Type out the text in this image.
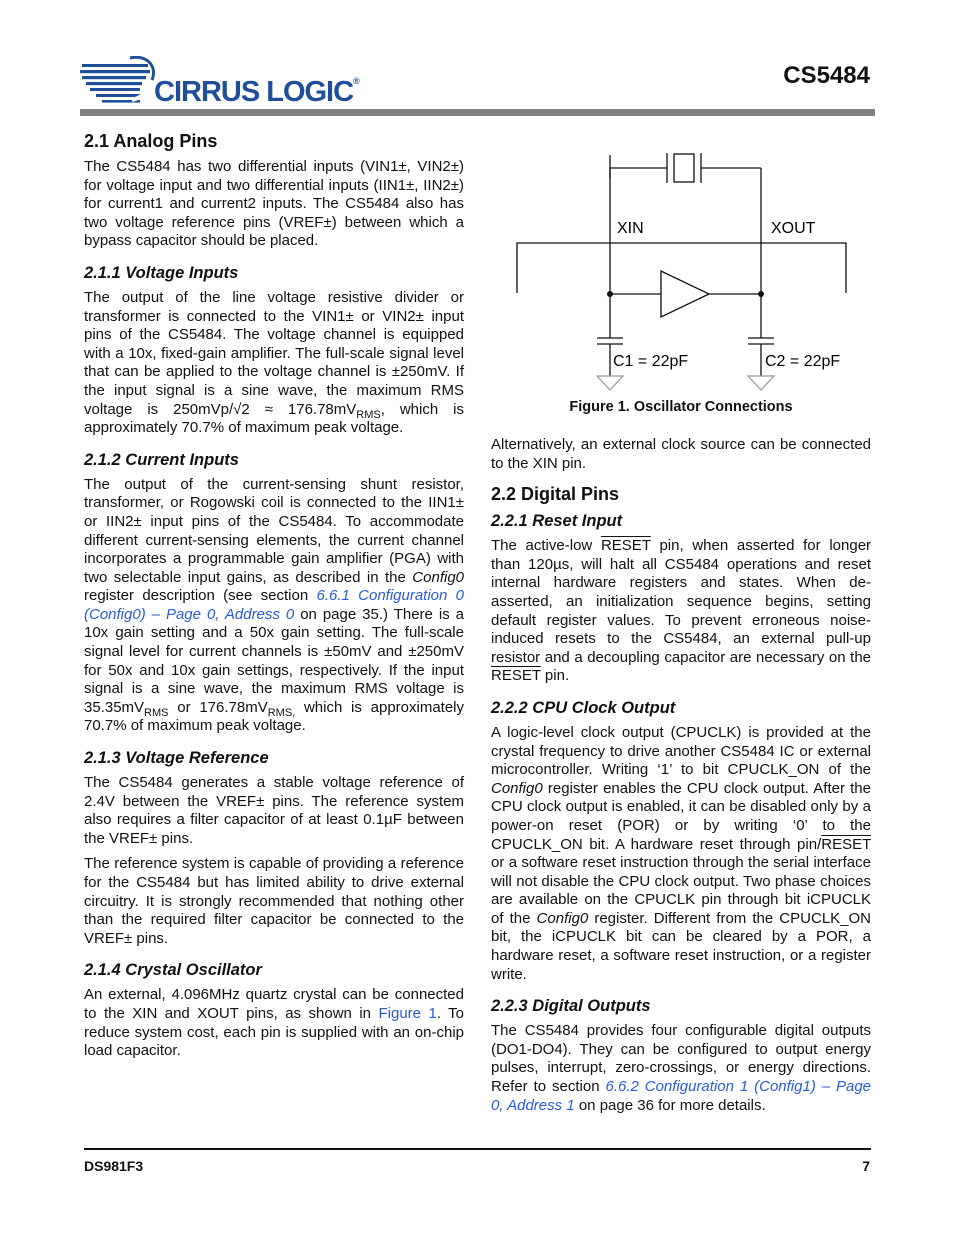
CIRRUS LOGIC®	CS5484
2.1 Analog Pins

The CS5484 has two differential inputs (VIN1±, VIN2±) for voltage input and two differential inputs (IIN1±, IIN2±) for current1 and current2 inputs. The CS5484 also has two voltage reference pins (VREF±) between which a bypass capacitor should be placed.

2.1.1 Voltage Inputs

The output of the line voltage resistive divider or transformer is connected to the VIN1± or VIN2± input pins of the CS5484. The voltage channel is equipped with a 10x, fixed-gain amplifier. The full-scale signal level that can be applied to the voltage channel is ±250mV. If the input signal is a sine wave, the maximum RMS voltage is $250mVp/√2 \approx 176.78mV_{RMS}$, which is approximately 70.7% of maximum peak voltage.

2.1.2 Current Inputs

The output of the current-sensing shunt resistor, transformer, or Rogowski coil is connected to the IIN1± or IIN2± input pins of the CS5484. To accommodate different current-sensing elements, the current channel incorporates a programmable gain amplifier (PGA) with two selectable input gains, as described in the Config0 register description (see section 6.6.1 Configuration 0 (Config0) – Page 0, Address 0 on page 35.) There is a 10x gain setting and a 50x gain setting. The full-scale signal level for current channels is ±50mV and ±250mV for 50x and 10x gain settings, respectively. If the input signal is a sine wave, the maximum RMS voltage is $35.35mV_{RMS}$ or $176.78mV_{RMS,}$ which is approximately 70.7% of maximum peak voltage.

2.1.3 Voltage Reference

The CS5484 generates a stable voltage reference of 2.4V between the VREF± pins. The reference system also requires a filter capacitor of at least 0.1µF between the VREF± pins.

The reference system is capable of providing a reference for the CS5484 but has limited ability to drive external circuitry. It is strongly recommended that nothing other than the required filter capacitor be connected to the VREF± pins.

2.1.4 Crystal Oscillator

An external, 4.096MHz quartz crystal can be connected to the XIN and XOUT pins, as shown in Figure 1. To reduce system cost, each pin is supplied with an on-chip load capacitor.

XIN	XOUT
C1 = 22pF	C2 = 22pF
Figure 1. Oscillator Connections

Alternatively, an external clock source can be connected to the XIN pin.

2.2 Digital Pins
2.2.1 Reset Input

The active-low RESET pin, when asserted for longer than 120µs, will halt all CS5484 operations and reset internal hardware registers and states. When de-asserted, an initialization sequence begins, setting default register values. To prevent erroneous noise-induced resets to the CS5484, an external pull-up resistor and a decoupling capacitor are necessary on the RESET pin.

2.2.2 CPU Clock Output

A logic-level clock output (CPUCLK) is provided at the crystal frequency to drive another CS5484 IC or external microcontroller. Writing ‘1’ to bit CPUCLK_ON of the Config0 register enables the CPU clock output. After the CPU clock output is enabled, it can be disabled only by a power-on reset (POR) or by writing ‘0’ to the CPUCLK_ON bit. A hardware reset through pin/RESET or a software reset instruction through the serial interface will not disable the CPU clock output. Two phase choices are available on the CPUCLK pin through bit iCPUCLK of the Config0 register. Different from the CPUCLK_ON bit, the iCPUCLK bit can be cleared by a POR, a hardware reset, a software reset instruction, or a register write.

2.2.3 Digital Outputs

The CS5484 provides four configurable digital outputs (DO1-DO4). They can be configured to output energy pulses, interrupt, zero-crossings, or energy directions. Refer to section 6.6.2 Configuration 1 (Config1) – Page 0, Address 1 on page 36 for more details.

DS981F3	7
